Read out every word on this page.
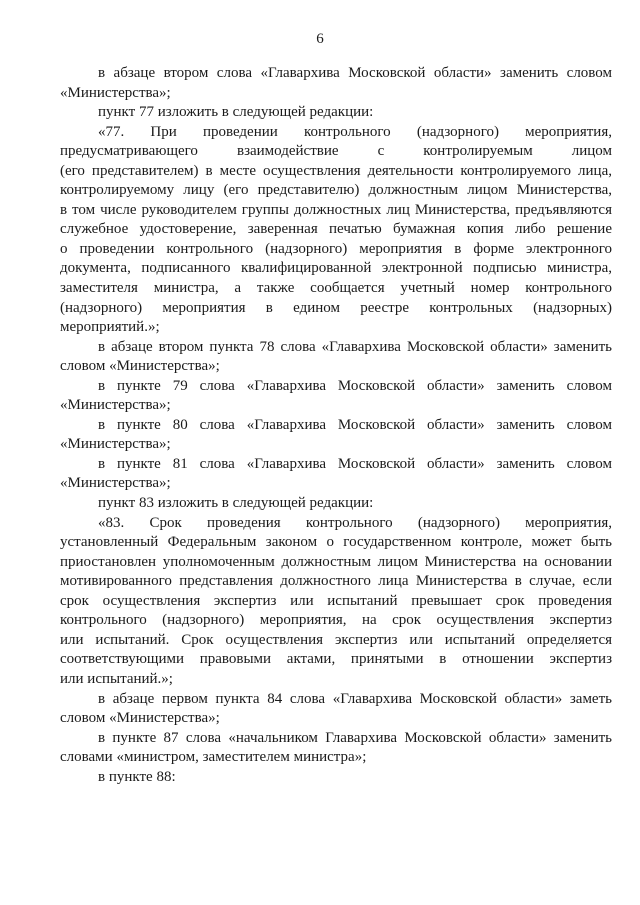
6
в абзаце втором слова «Главархива Московской области» заменить словом
«Министерства»;
пункт 77 изложить в следующей редакции:
«77. При проведении контрольного (надзорного) мероприятия,
предусматривающего взаимодействие с контролируемым лицом
(его представителем) в месте осуществления деятельности контролируемого лица,
контролируемому лицу (его представителю) должностным лицом Министерства,
в том числе руководителем группы должностных лиц Министерства, предъявляются
служебное удостоверение, заверенная печатью бумажная копия либо решение
о проведении контрольного (надзорного) мероприятия в форме электронного
документа, подписанного квалифицированной электронной подписью министра,
заместителя министра, а также сообщается учетный номер контрольного
(надзорного) мероприятия в едином реестре контрольных (надзорных)
мероприятий.»;
в абзаце втором пункта 78 слова «Главархива Московской области» заменить
словом «Министерства»;
в пункте 79 слова «Главархива Московской области» заменить словом
«Министерства»;
в пункте 80 слова «Главархива Московской области» заменить словом
«Министерства»;
в пункте 81 слова «Главархива Московской области» заменить словом
«Министерства»;
пункт 83 изложить в следующей редакции:
«83. Срок проведения контрольного (надзорного) мероприятия,
установленный Федеральным законом о государственном контроле, может быть
приостановлен уполномоченным должностным лицом Министерства на основании
мотивированного представления должностного лица Министерства в случае, если
срок осуществления экспертиз или испытаний превышает срок проведения
контрольного (надзорного) мероприятия, на срок осуществления экспертиз
или испытаний. Срок осуществления экспертиз или испытаний определяется
соответствующими правовыми актами, принятыми в отношении экспертиз
или испытаний.»;
в абзаце первом пункта 84 слова «Главархива Московской области» заметь
словом «Министерства»;
в пункте 87 слова «начальником Главархива Московской области» заменить
словами «министром, заместителем министра»;
в пункте 88:
